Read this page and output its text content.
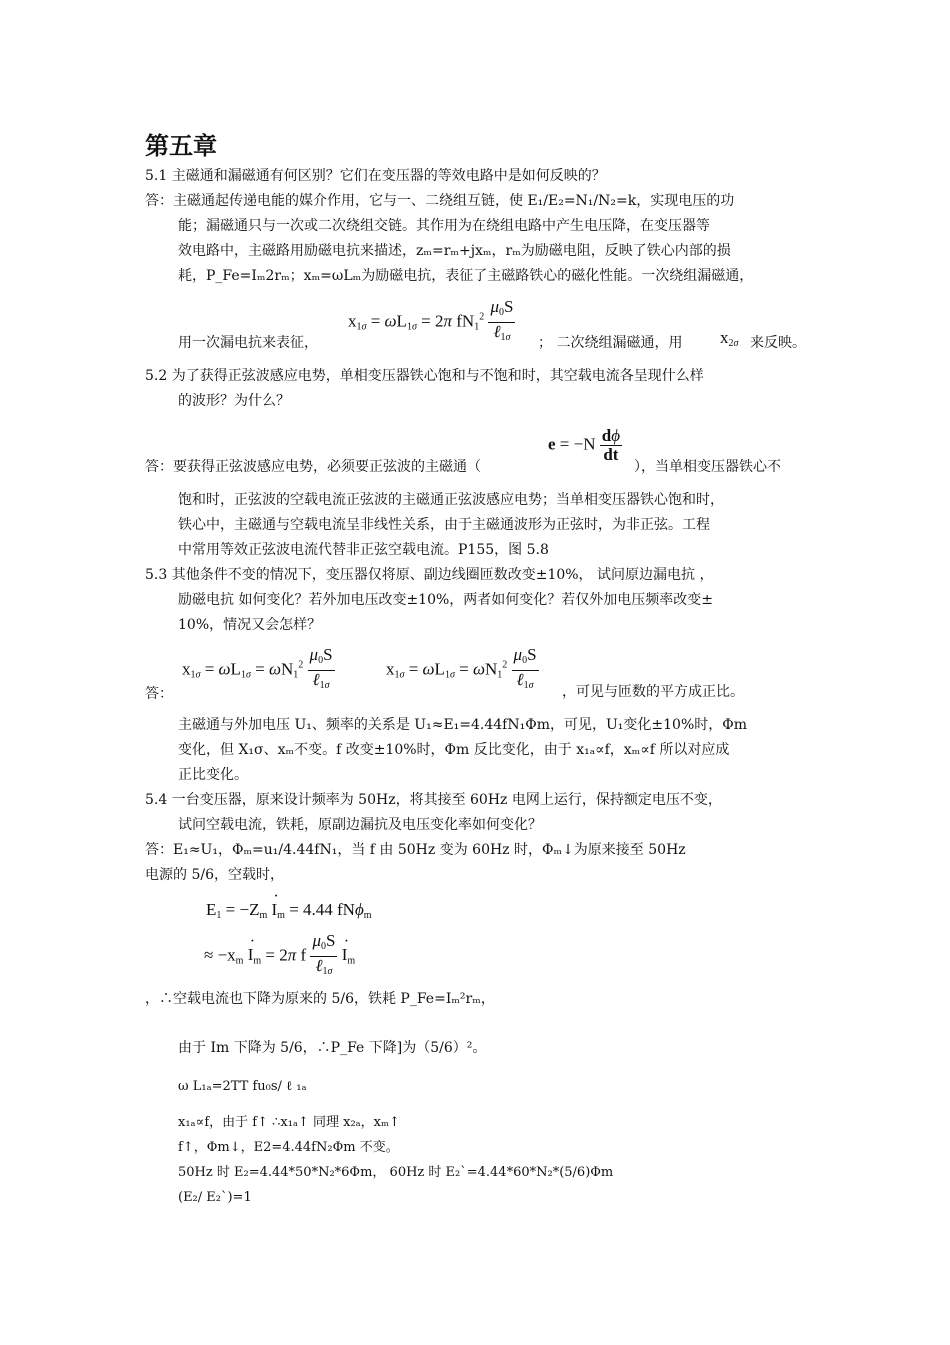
第五章
5.1 主磁通和漏磁通有何区别？它们在变压器的等效电路中是如何反映的？
答：主磁通起传递电能的媒介作用，它与一、二绕组互链，使 E₁/E₂=N₁/N₂=k，实现电压的功
能；漏磁通只与一次或二次绕组交链。其作用为在绕组电路中产生电压降，在变压器等
效电路中，主磁路用励磁电抗来描述，zₘ=rₘ+jxₘ，rₘ为励磁电阻，反映了铁心内部的损
耗，P_Fe=Iₘ2rₘ；xₘ=ωLₘ为励磁电抗，表征了主磁路铁心的磁化性能。一次绕组漏磁通，
$x_{1\sigma} = \omega L_{1\sigma} = 2\pi$ $fN_1^2 \frac{\mu_0S}{\ell_{1\sigma}}$
用一次漏电抗来表征，	； 二次绕组漏磁通，用 $x_{2\sigma}$ 来反映。
5.2 为了获得正弦波感应电势，单相变压器铁心饱和与不饱和时，其空载电流各呈现什么样
的波形？为什么？
$e = -N \frac{d\phi}{dt}$
答：要获得正弦波感应电势，必须要正弦波的主磁通（	），当单相变压器铁心不
饱和时，正弦波的空载电流正弦波的主磁通正弦波感应电势；当单相变压器铁心饱和时，
铁心中，主磁通与空载电流呈非线性关系，由于主磁通波形为正弦时，为非正弦。工程
中常用等效正弦波电流代替非正弦空载电流。P155，图 5.8
5.3 其他条件不变的情况下，变压器仅将原、副边线圈匝数改变±10%， 试问原边漏电抗 ，
励磁电抗 如何变化？若外加电压改变±10%，两者如何变化？若仅外加电压频率改变±
10%，情况又会怎样？
$x_{1\sigma} = \omega L_{1\sigma} = \omega N_1^2 \frac{\mu_0S}{\ell_{1\sigma}}$	$x_{1\sigma} = \omega L_{1\sigma} = \omega N_1^2 \frac{\mu_0S}{\ell_{1\sigma}}$
答：	，可见与匝数的平方成正比。
主磁通与外加电压 U₁、频率的关系是 U₁≈E₁=4.44fN₁Φm，可见，U₁变化±10%时，Φm
变化，但 X₁σ、xₘ不变。f 改变±10%时，Φm 反比变化，由于 x₁ₐ∝f，xₘ∝f 所以对应成
正比变化。
5.4 一台变压器，原来设计频率为 50Hz，将其接至 60Hz 电网上运行，保持额定电压不变，
试问空载电流，铁耗，原副边漏抗及电压变化率如何变化？
答：E₁≈U₁，Φₘ=u₁/4.44fN₁，当 f 由 50Hz 变为 60Hz 时，Φₘ↓为原来接至 50Hz
电源的 5/6，空载时，
$E_1 = -Z_m \cdot I_m = 4.44$ fNϕ$_m$
≈ $-x_m \cdot I_m = 2\pi$ f $\frac{\mu_0S}{\ell_{1\sigma}}$
· $I_m$
，∴空载电流也下降为原来的 5/6，铁耗 P_Fe=Iₘ²rₘ，
由于 Im 下降为 5/6，∴P_Fe 下降]为（5/6）²。
ω L₁ₐ=2TT fu₀s/ ℓ ₁ₐ
x₁ₐ∝f，由于 f↑ ∴x₁ₐ↑ 同理 x₂ₐ，xₘ↑
f↑，Φm↓，E2=4.44fN₂Φm 不变。
50Hz 时 E₂=4.44*50*N₂*6Φm， 60Hz 时 E₂`=4.44*60*N₂*(5/6)Φm
(E₂/ E₂`)=1
